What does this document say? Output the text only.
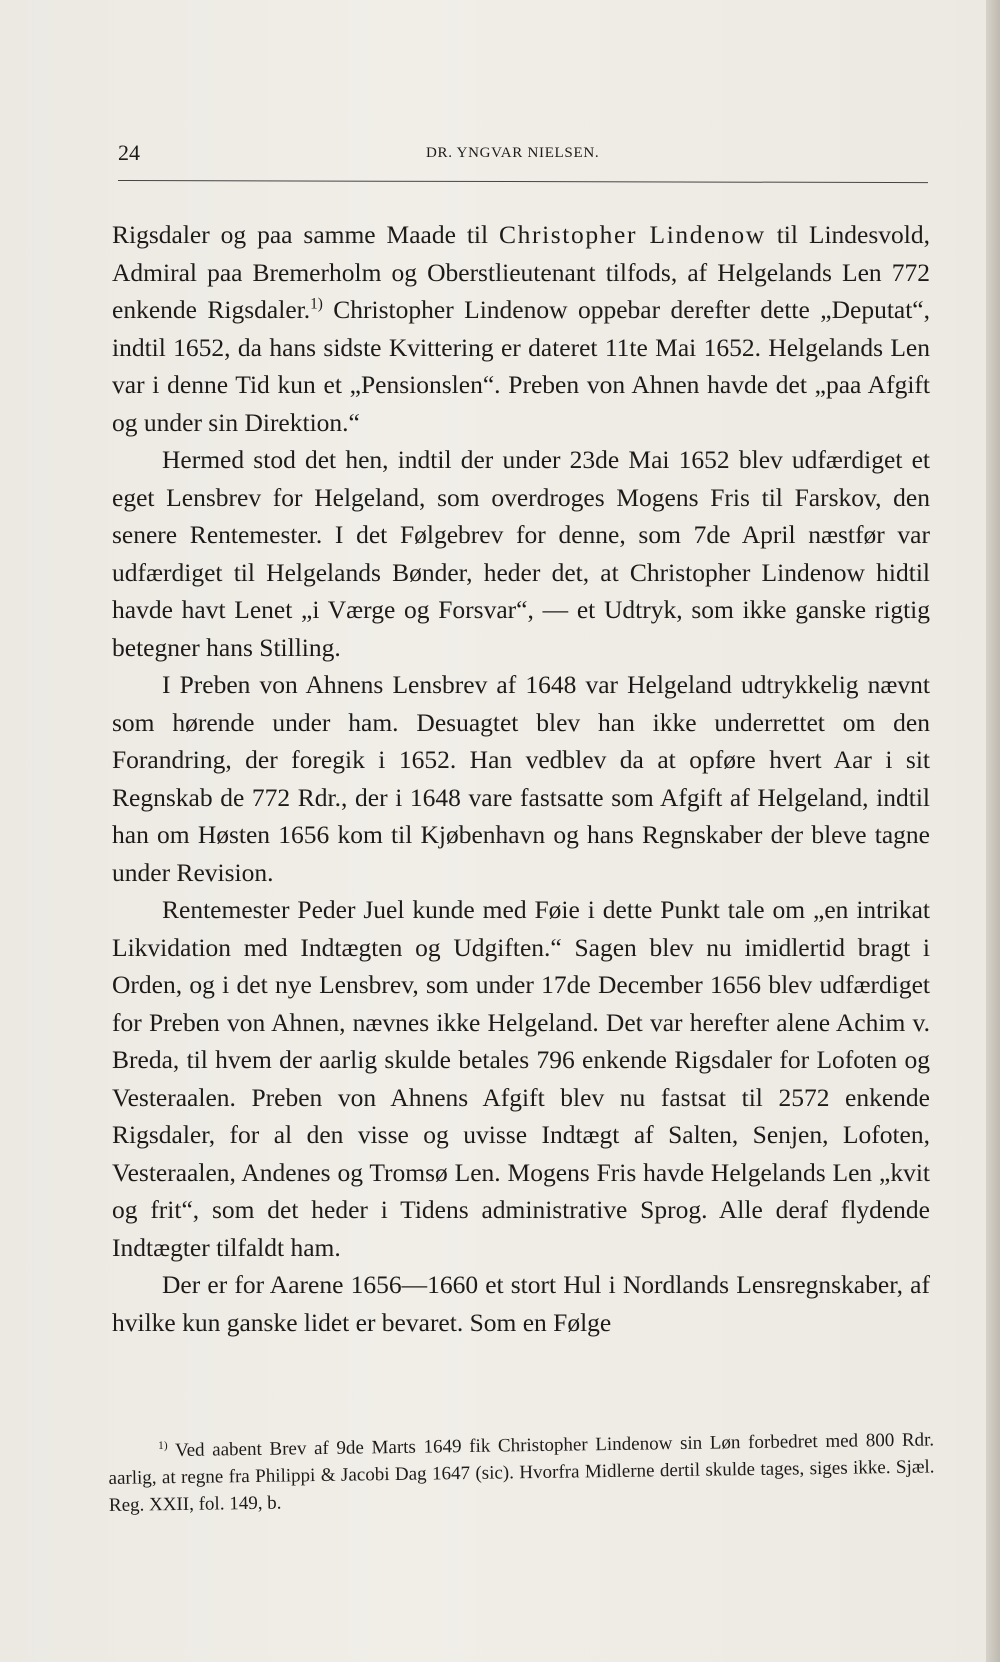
24	DR. YNGVAR NIELSEN.

Rigsdaler og paa samme Maade til Christopher Lindenow til Lindesvold, Admiral paa Bremerholm og Oberstlieutenant tilfods, af Helgelands Len 772 enkende Rigsdaler.$^{1)}$ Christopher Lindenow oppebar derefter dette „Deputat“, indtil 1652, da hans sidste Kvittering er dateret 11te Mai 1652. Helgelands Len var i denne Tid kun et „Pensionslen“. Preben von Ahnen havde det „paa Afgift og under sin Direktion.“

Hermed stod det hen, indtil der under 23de Mai 1652 blev udfærdiget et eget Lensbrev for Helgeland, som overdroges Mogens Fris til Farskov, den senere Rentemester. I det Følgebrev for denne, som 7de April næstfør var udfærdiget til Helgelands Bønder, heder det, at Christopher Lindenow hidtil havde havt Lenet „i Værge og Forsvar“, — et Udtryk, som ikke ganske rigtig betegner hans Stilling.

I Preben von Ahnens Lensbrev af 1648 var Helgeland udtrykkelig nævnt som hørende under ham. Desuagtet blev han ikke underrettet om den Forandring, der foregik i 1652. Han vedblev da at opføre hvert Aar i sit Regnskab de 772 Rdr., der i 1648 vare fastsatte som Afgift af Helgeland, indtil han om Høsten 1656 kom til Kjøbenhavn og hans Regnskaber der bleve tagne under Revision.

Rentemester Peder Juel kunde med Føie i dette Punkt tale om „en intrikat Likvidation med Indtægten og Udgiften.“ Sagen blev nu imidlertid bragt i Orden, og i det nye Lensbrev, som under 17de December 1656 blev udfærdiget for Preben von Ahnen, nævnes ikke Helgeland. Det var herefter alene Achim v. Breda, til hvem der aarlig skulde betales 796 enkende Rigsdaler for Lofoten og Vesteraalen. Preben von Ahnens Afgift blev nu fastsat til 2572 enkende Rigsdaler, for al den visse og uvisse Indtægt af Salten, Senjen, Lofoten, Vesteraalen, Andenes og Tromsø Len. Mogens Fris havde Helgelands Len „kvit og frit“, som det heder i Tidens administrative Sprog. Alle deraf flydende Indtægter tilfaldt ham.

Der er for Aarene 1656—1660 et stort Hul i Nordlands Lensregnskaber, af hvilke kun ganske lidet er bevaret. Som en Følge

$^{1)}$ Ved aabent Brev af 9de Marts 1649 fik Christopher Lindenow sin Løn forbedret med 800 Rdr. aarlig, at regne fra Philippi & Jacobi Dag 1647 (sic). Hvorfra Midlerne dertil skulde tages, siges ikke. Sjæl. Reg. XXII, fol. 149, b.
